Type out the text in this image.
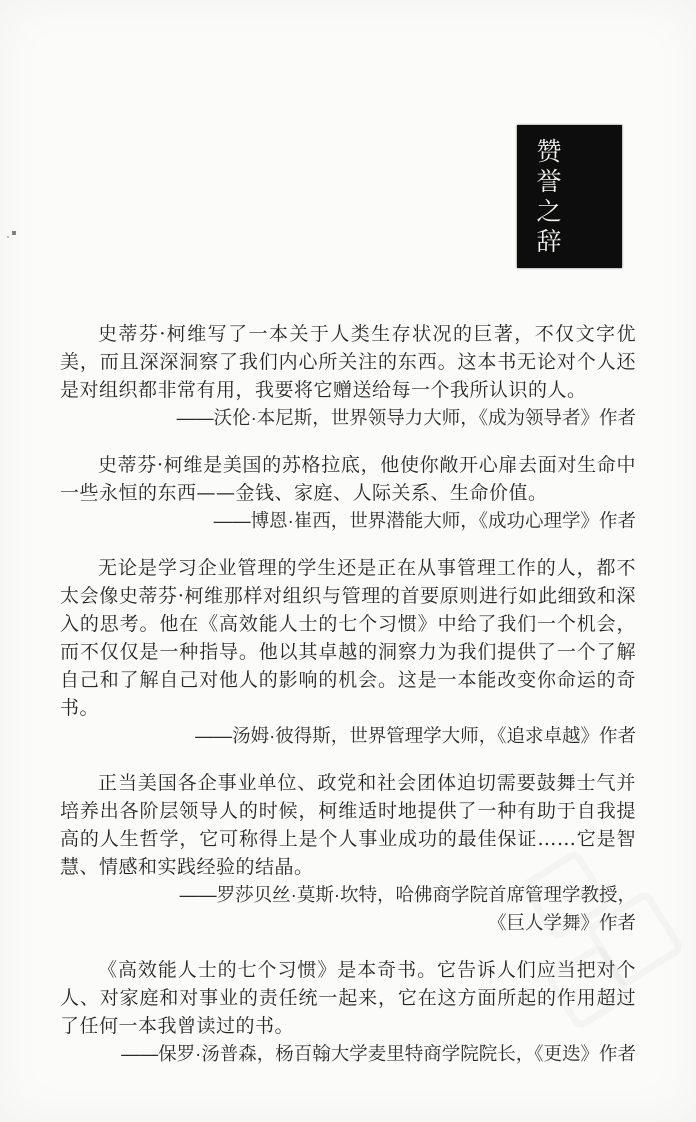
赞誉之辞

史蒂芬·柯维写了一本关于人类生存状况的巨著，不仅文字优美，而且深深洞察了我们内心所关注的东西。这本书无论对个人还是对组织都非常有用，我要将它赠送给每一个我所认识的人。

——沃伦·本尼斯，世界领导力大师，《成为领导者》作者

史蒂芬·柯维是美国的苏格拉底，他使你敞开心扉去面对生命中一些永恒的东西——金钱、家庭、人际关系、生命价值。

——博恩·崔西，世界潜能大师，《成功心理学》作者

无论是学习企业管理的学生还是正在从事管理工作的人，都不太会像史蒂芬·柯维那样对组织与管理的首要原则进行如此细致和深入的思考。他在《高效能人士的七个习惯》中给了我们一个机会，而不仅仅是一种指导。他以其卓越的洞察力为我们提供了一个了解自己和了解自己对他人的影响的机会。这是一本能改变你命运的奇书。

——汤姆·彼得斯，世界管理学大师，《追求卓越》作者

正当美国各企事业单位、政党和社会团体迫切需要鼓舞士气并培养出各阶层领导人的时候，柯维适时地提供了一种有助于自我提高的人生哲学，它可称得上是个人事业成功的最佳保证……它是智慧、情感和实践经验的结晶。

——罗莎贝丝·莫斯·坎特，哈佛商学院首席管理学教授，
《巨人学舞》作者

《高效能人士的七个习惯》是本奇书。它告诉人们应当把对个人、对家庭和对事业的责任统一起来，它在这方面所起的作用超过了任何一本我曾读过的书。

——保罗·汤普森，杨百翰大学麦里特商学院院长，《更迭》作者
